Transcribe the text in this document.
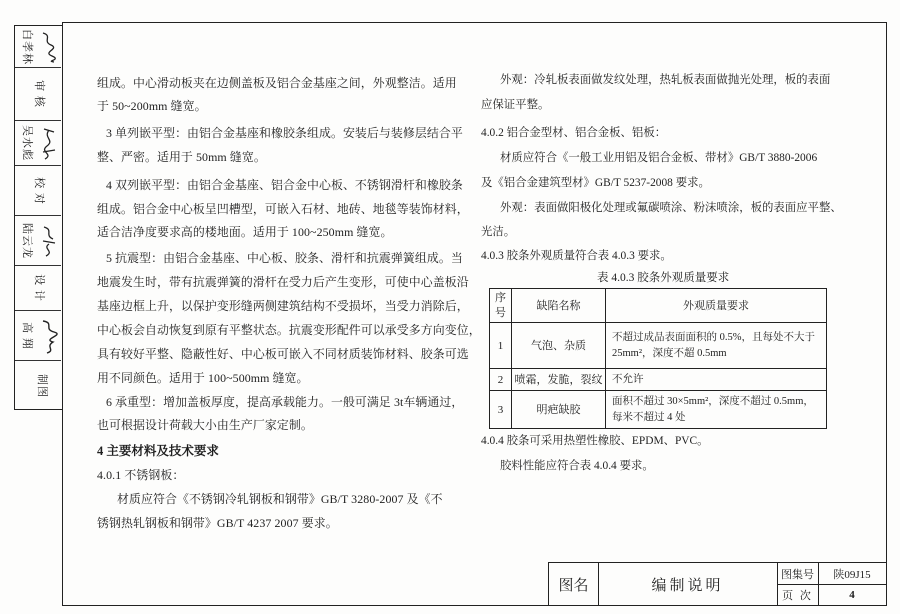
白孝林
审 核
吴水彪
校 对
陆云龙
设 计
高 翔
制图
组成。中心滑动板夹在边侧盖板及铝合金基座之间，外观整洁。适用
于 50~200mm 缝宽。
3 单列嵌平型：由铝合金基座和橡胶条组成。安装后与装修层结合平
整、严密。适用于 50mm 缝宽。
4 双列嵌平型：由铝合金基座、铝合金中心板、不锈钢滑杆和橡胶条
组成。铝合金中心板呈凹槽型，可嵌入石材、地砖、地毯等装饰材料，
适合洁净度要求高的楼地面。适用于 100~250mm 缝宽。
5 抗震型：由铝合金基座、中心板、胶条、滑杆和抗震弹簧组成。当
地震发生时，带有抗震弹簧的滑杆在受力后产生变形，可使中心盖板沿
基座边框上升，以保护变形缝两侧建筑结构不受损坏，当受力消除后，
中心板会自动恢复到原有平整状态。抗震变形配件可以承受多方向变位，
具有较好平整、隐蔽性好、中心板可嵌入不同材质装饰材料、胶条可选
用不同颜色。适用于 100~500mm 缝宽。
6 承重型：增加盖板厚度，提高承载能力。一般可满足 3t车辆通过，
也可根据设计荷载大小由生产厂家定制。
4 主要材料及技术要求
4.0.1 不锈钢板：
材质应符合《不锈钢冷轧钢板和钢带》GB/T 3280-2007 及《不
锈钢热轧钢板和钢带》GB/T 4237 2007 要求。
外观：冷轧板表面做发纹处理，热轧板表面做抛光处理，板的表面
应保证平整。
4.0.2 铝合金型材、铝合金板、铝板：
材质应符合《一般工业用铝及铝合金板、带材》GB/T 3880-2006
及《铝合金建筑型材》GB/T 5237-2008 要求。
外观：表面做阳极化处理或氟碳喷涂、粉沫喷涂，板的表面应平整、
光洁。
4.0.3 胶条外观质量符合表 4.0.3 要求。
表 4.0.3 胶条外观质量要求
序号	缺陷名称	外观质量要求
1	气泡、杂质	不超过成品表面面积的 0.5%，且每处不大于
25mm²，深度不超 0.5mm

2	喷霜，发脆，裂纹	不允许

3	明疤缺胶	面积不超过 30×5mm²，深度不超过 0.5mm，
每米不超过 4 处
4.0.4 胶条可采用热塑性橡胶、EPDM、PVC。
胶料性能应符合表 4.0.4 要求。
图名	编制说明
图集号	陕09J15
页 次	4
